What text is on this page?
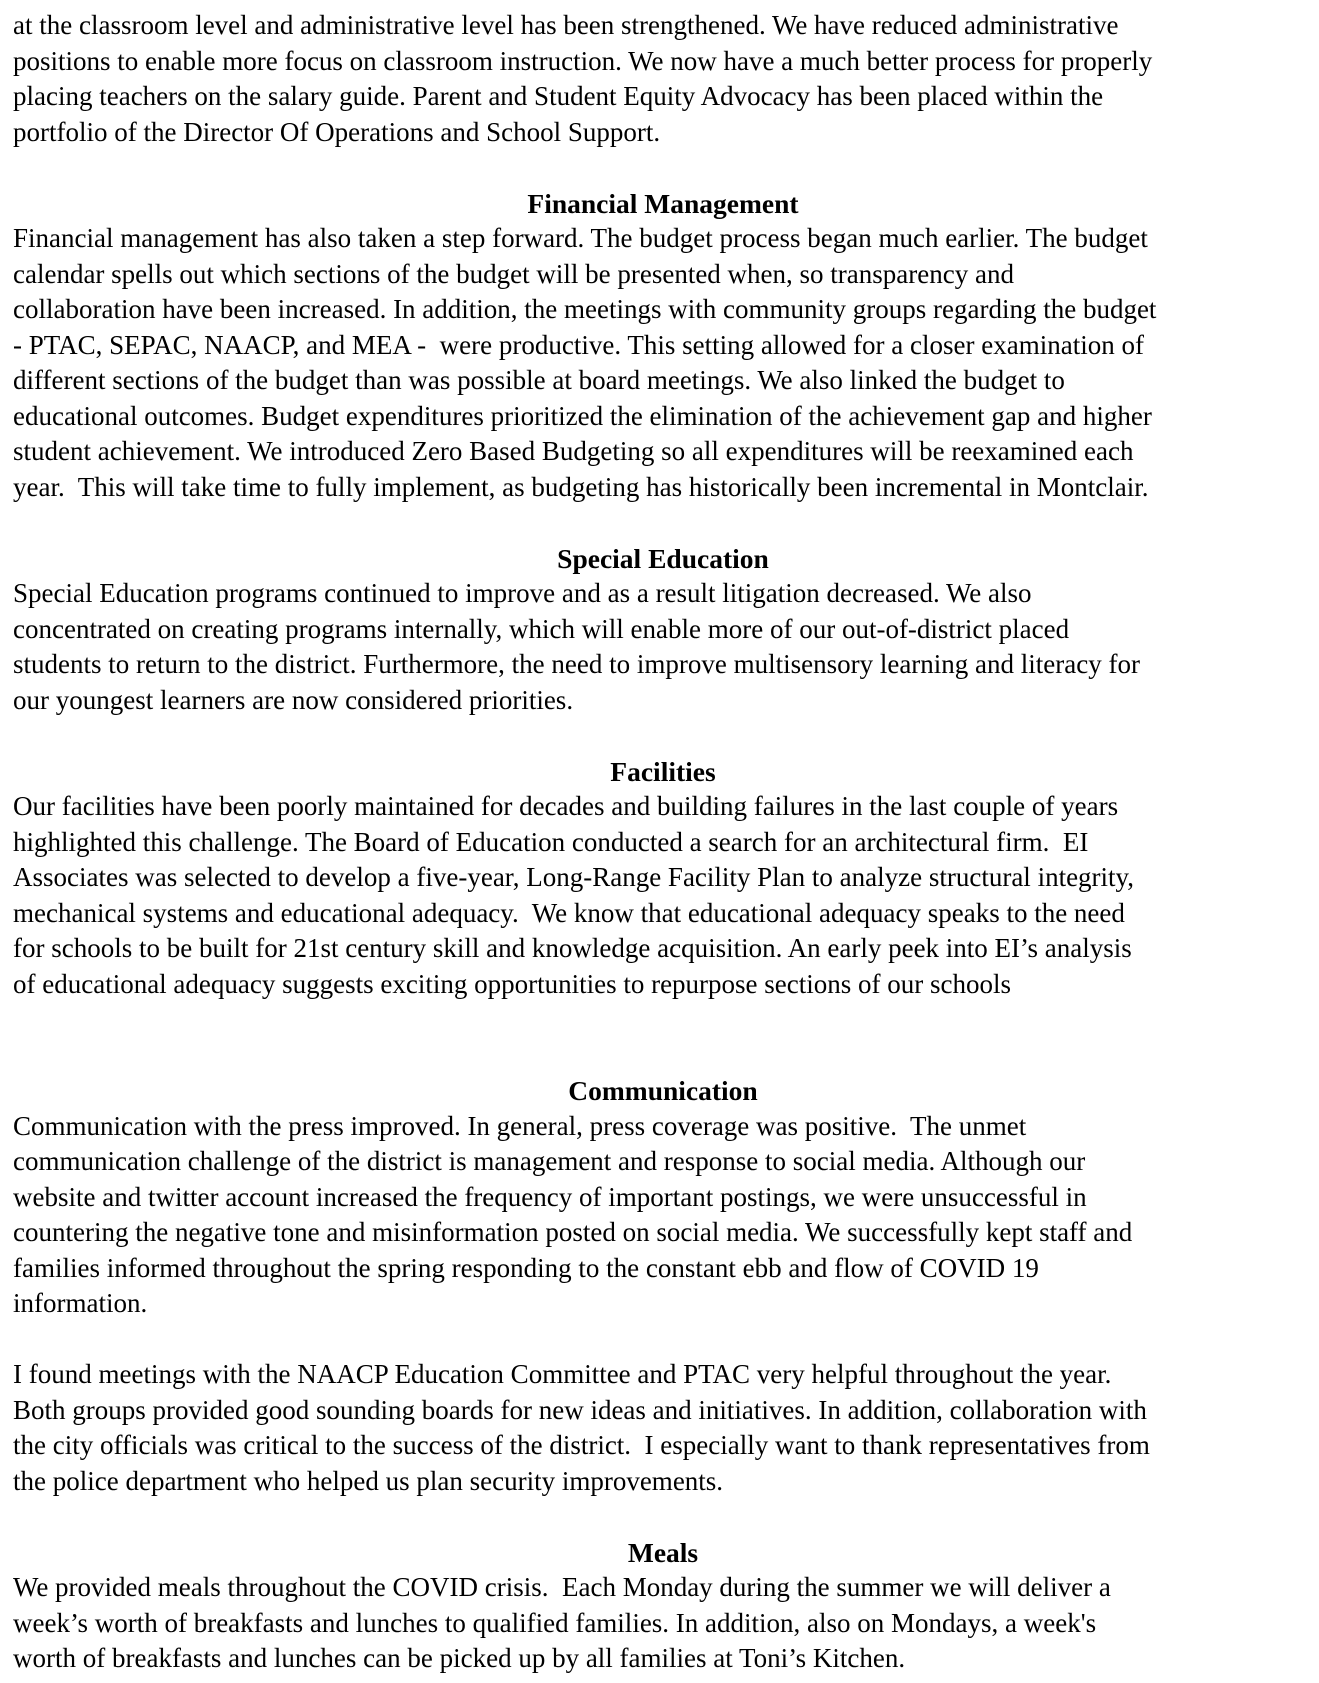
at the classroom level and administrative level has been strengthened. We have reduced administrative
positions to enable more focus on classroom instruction. We now have a much better process for properly
placing teachers on the salary guide. Parent and Student Equity Advocacy has been placed within the
portfolio of the Director Of Operations and School Support.

Financial Management

Financial management has also taken a step forward. The budget process began much earlier. The budget
calendar spells out which sections of the budget will be presented when, so transparency and
collaboration have been increased. In addition, the meetings with community groups regarding the budget
- PTAC, SEPAC, NAACP, and MEA -  were productive. This setting allowed for a closer examination of
different sections of the budget than was possible at board meetings. We also linked the budget to
educational outcomes. Budget expenditures prioritized the elimination of the achievement gap and higher
student achievement. We introduced Zero Based Budgeting so all expenditures will be reexamined each
year.  This will take time to fully implement, as budgeting has historically been incremental in Montclair.

Special Education

Special Education programs continued to improve and as a result litigation decreased. We also
concentrated on creating programs internally, which will enable more of our out-of-district placed
students to return to the district. Furthermore, the need to improve multisensory learning and literacy for
our youngest learners are now considered priorities.

Facilities

Our facilities have been poorly maintained for decades and building failures in the last couple of years
highlighted this challenge. The Board of Education conducted a search for an architectural firm.  EI
Associates was selected to develop a five-year, Long-Range Facility Plan to analyze structural integrity,
mechanical systems and educational adequacy.  We know that educational adequacy speaks to the need
for schools to be built for 21st century skill and knowledge acquisition. An early peek into EI’s analysis
of educational adequacy suggests exciting opportunities to repurpose sections of our schools

Communication

Communication with the press improved. In general, press coverage was positive.  The unmet
communication challenge of the district is management and response to social media. Although our
website and twitter account increased the frequency of important postings, we were unsuccessful in
countering the negative tone and misinformation posted on social media. We successfully kept staff and
families informed throughout the spring responding to the constant ebb and flow of COVID 19
information.

I found meetings with the NAACP Education Committee and PTAC very helpful throughout the year.
Both groups provided good sounding boards for new ideas and initiatives. In addition, collaboration with
the city officials was critical to the success of the district.  I especially want to thank representatives from
the police department who helped us plan security improvements.

Meals

We provided meals throughout the COVID crisis.  Each Monday during the summer we will deliver a
week’s worth of breakfasts and lunches to qualified families. In addition, also on Mondays, a week's
worth of breakfasts and lunches can be picked up by all families at Toni’s Kitchen.
